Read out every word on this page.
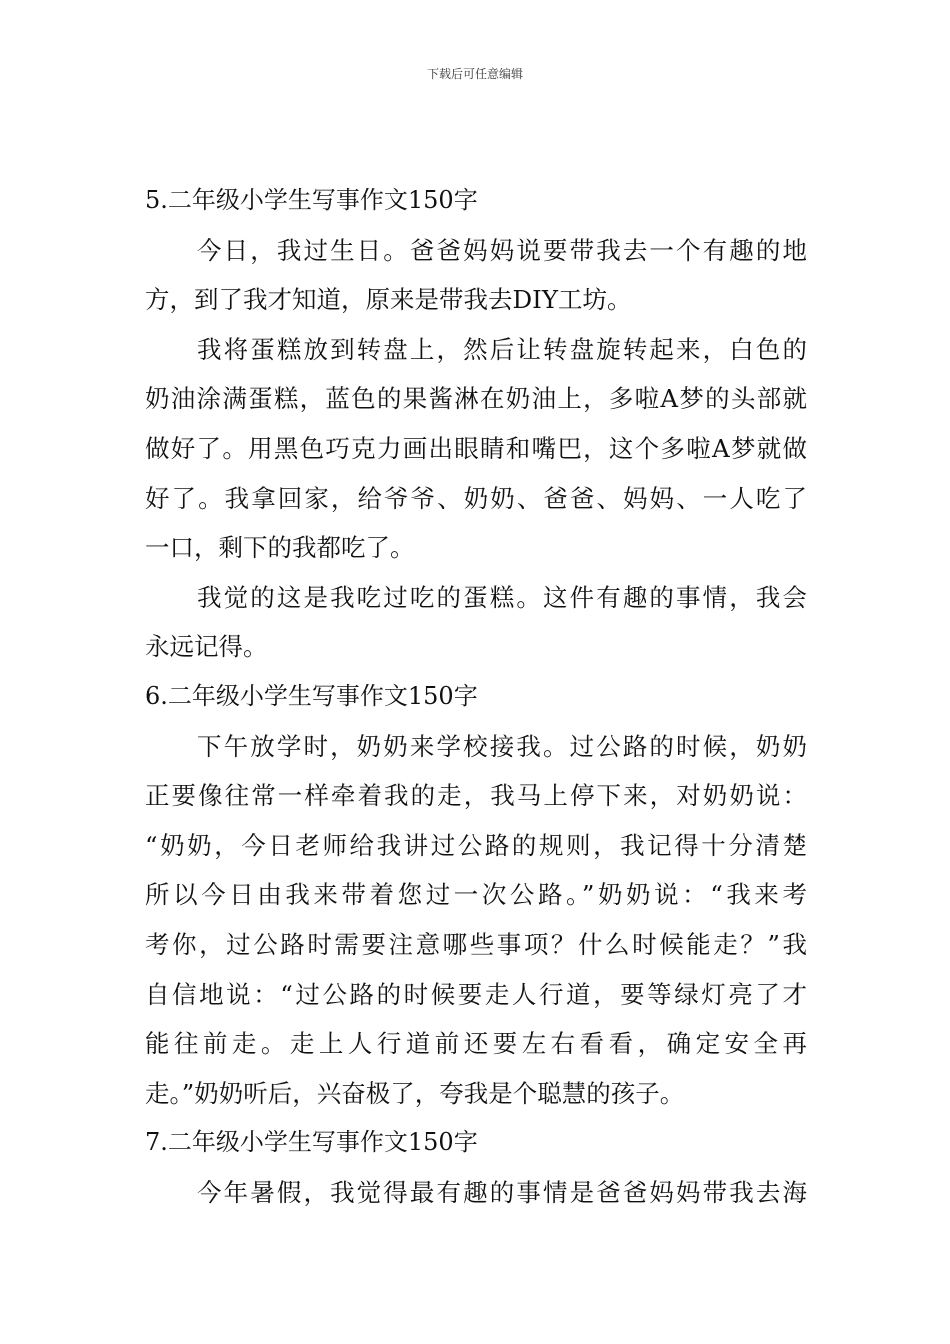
下载后可任意编辑
5.二年级小学生写事作文150字
今日，我过生日。爸爸妈妈说要带我去一个有趣的地
方，到了我才知道，原来是带我去DIY工坊。
我将蛋糕放到转盘上，然后让转盘旋转起来，白色的
奶油涂满蛋糕，蓝色的果酱淋在奶油上，多啦A梦的头部就
做好了。用黑色巧克力画出眼睛和嘴巴，这个多啦A梦就做
好了。我拿回家，给爷爷、奶奶、爸爸、妈妈、一人吃了
一口，剩下的我都吃了。
我觉的这是我吃过吃的蛋糕。这件有趣的事情，我会
永远记得。
6.二年级小学生写事作文150字
下午放学时，奶奶来学校接我。过公路的时候，奶奶
正要像往常一样牵着我的走，我马上停下来，对奶奶说：
“奶奶，今日老师给我讲过公路的规则，我记得十分清楚
所以今日由我来带着您过一次公路。”奶奶说：“我来考
考你，过公路时需要注意哪些事项？什么时候能走？”我
自信地说：“过公路的时候要走人行道，要等绿灯亮了才
能往前走。走上人行道前还要左右看看，确定安全再
走。”奶奶听后，兴奋极了，夸我是个聪慧的孩子。
7.二年级小学生写事作文150字
今年暑假，我觉得最有趣的事情是爸爸妈妈带我去海
